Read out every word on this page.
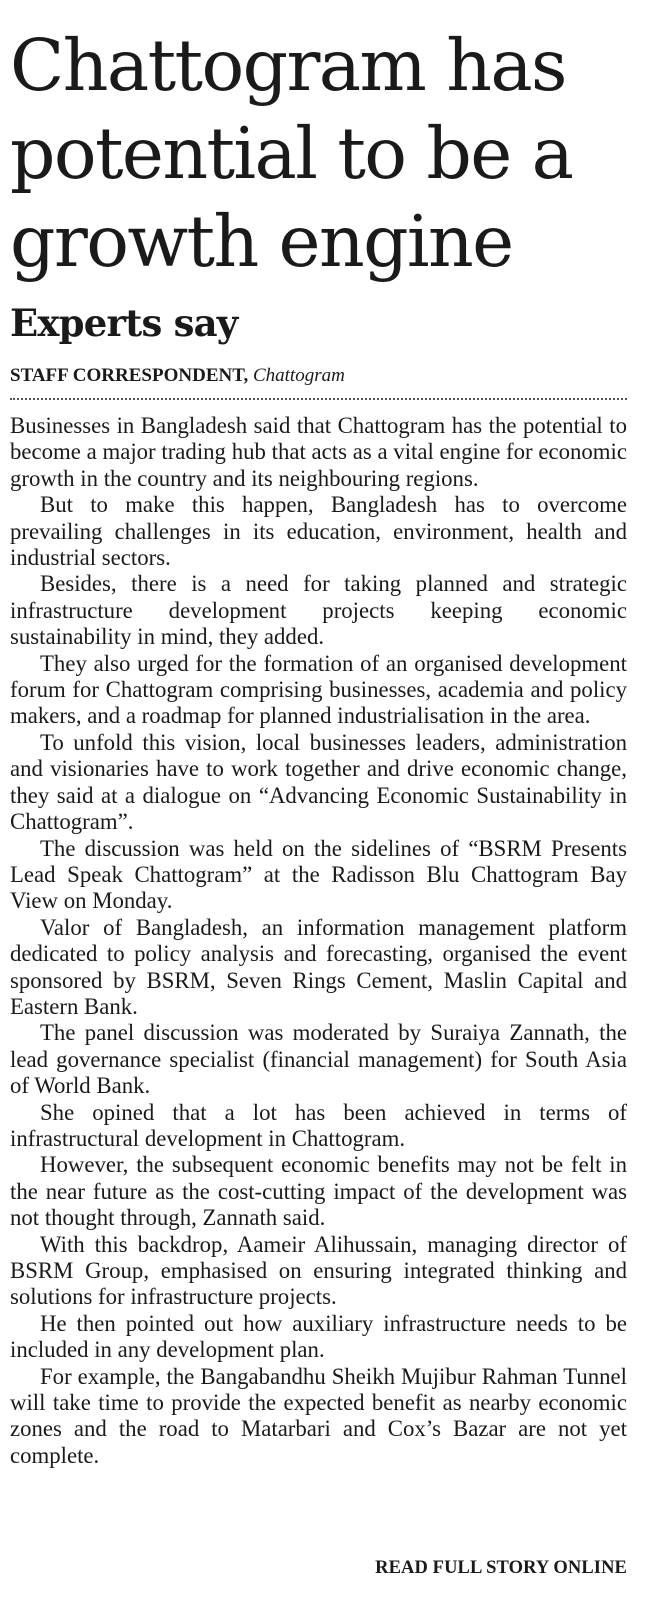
Chattogram has
potential to be a
growth engine
Experts say
STAFF CORRESPONDENT, Chattogram

Businesses in Bangladesh said that Chattogram has the potential to become a major trading hub that acts as a vital engine for economic growth in the country and its neighbouring regions.

But to make this happen, Bangladesh has to overcome prevailing challenges in its education, environment, health and industrial sectors.

Besides, there is a need for taking planned and strategic infrastructure development projects keeping economic sustainability in mind, they added.

They also urged for the formation of an organised development forum for Chattogram comprising businesses, academia and policy makers, and a roadmap for planned industrialisation in the area.

To unfold this vision, local businesses leaders, administration and visionaries have to work together and drive economic change, they said at a dialogue on “Advancing Economic Sustainability in Chattogram”.

The discussion was held on the sidelines of “BSRM Presents Lead Speak Chattogram” at the Radisson Blu Chattogram Bay View on Monday.

Valor of Bangladesh, an information management platform dedicated to policy analysis and forecasting, organised the event sponsored by BSRM, Seven Rings Cement, Maslin Capital and Eastern Bank.

The panel discussion was moderated by Suraiya Zannath, the lead governance specialist (financial management) for South Asia of World Bank.

She opined that a lot has been achieved in terms of infrastructural development in Chattogram.

However, the subsequent economic benefits may not be felt in the near future as the cost-cutting impact of the development was not thought through, Zannath said.

With this backdrop, Aameir Alihussain, managing director of BSRM Group, emphasised on ensuring integrated thinking and solutions for infrastructure projects.

He then pointed out how auxiliary infrastructure needs to be included in any development plan.

For example, the Bangabandhu Sheikh Mujibur Rahman Tunnel will take time to provide the expected benefit as nearby economic zones and the road to Matarbari and Cox’s Bazar are not yet complete.

READ FULL STORY ONLINE
